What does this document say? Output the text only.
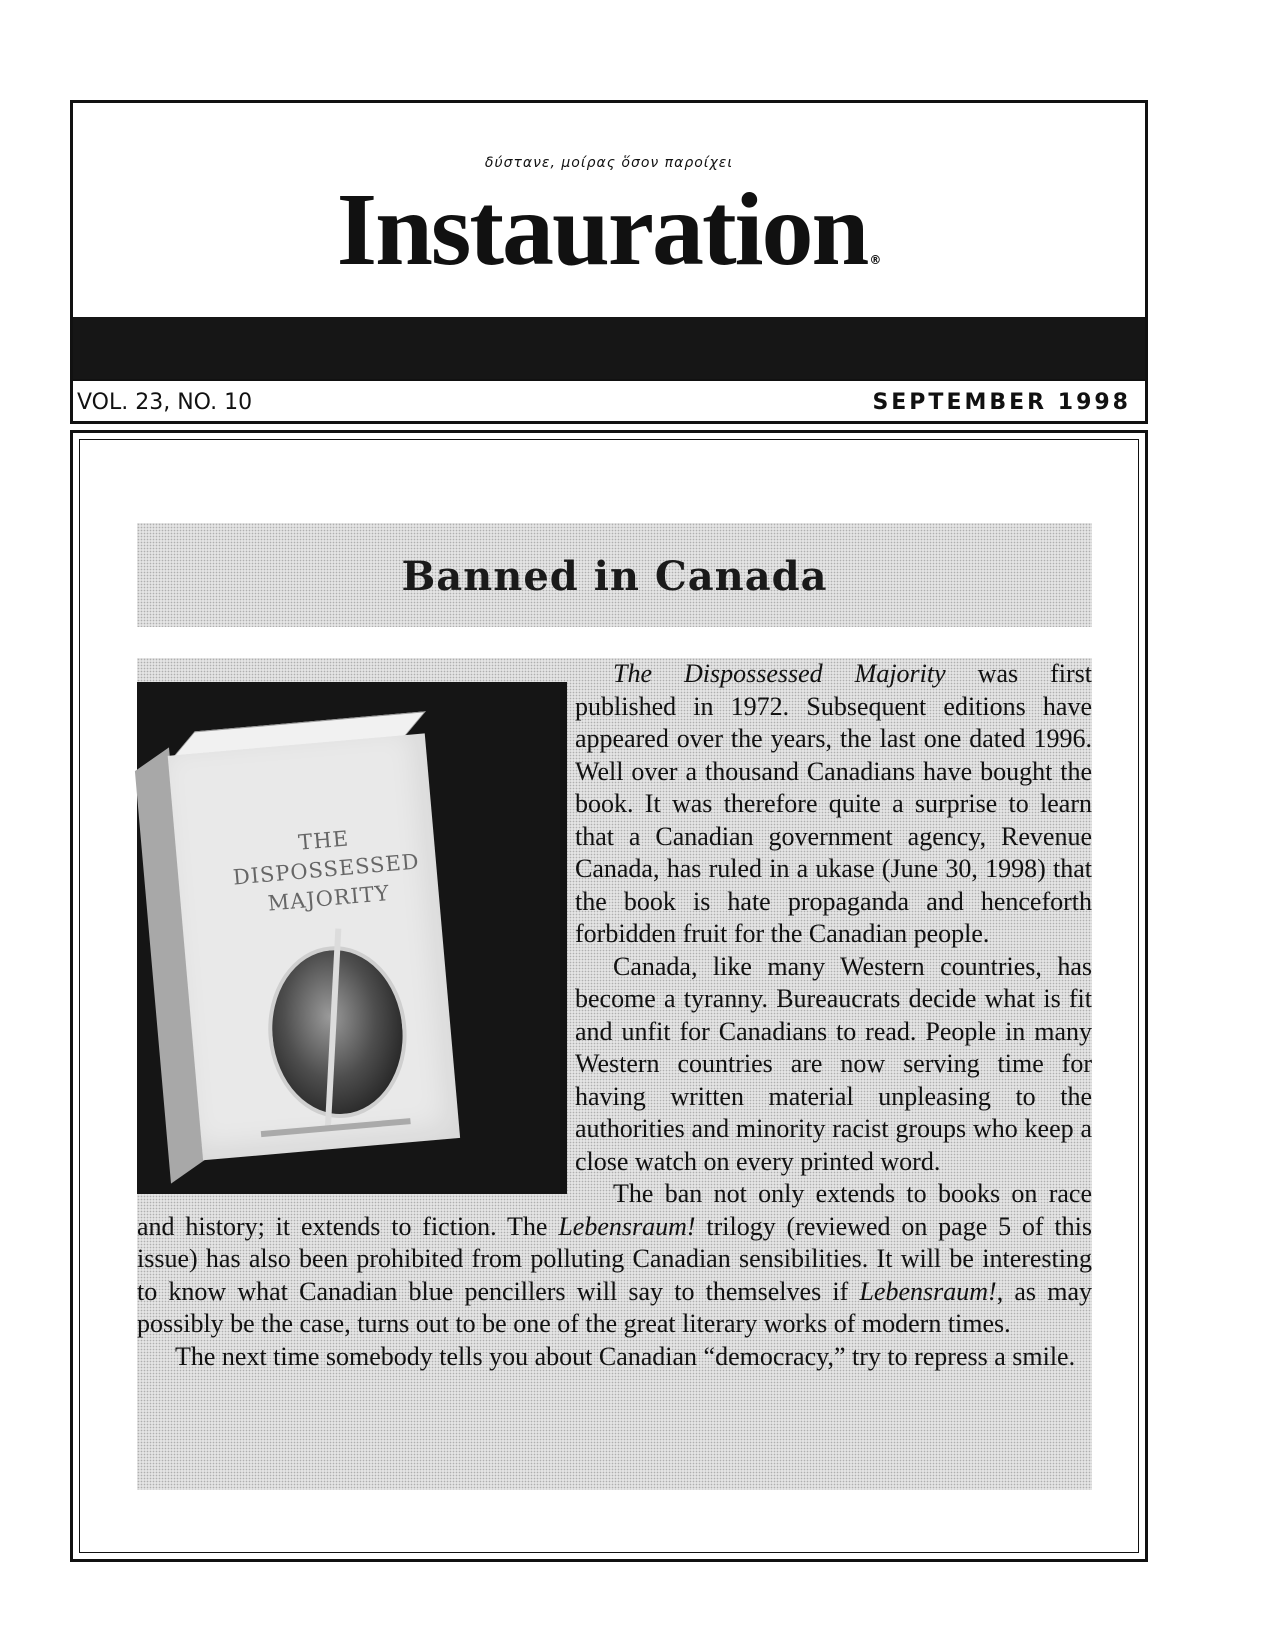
δύστανε, μοίρας ὅσον παροίχει
Instauration ®
VOL. 23, NO. 10	SEPTEMBER 1998
Banned in Canada

The Dispossessed Majority
THE
DISPOSSESSED
MAJORITY
was first published in 1972. Subsequent editions have appeared over the years, the last one dated 1996. Well over a thousand Canadians have bought the book. It was therefore quite a surprise to learn that a Canadian government agency, Revenue Canada, has ruled in a ukase (June 30, 1998) that the book is hate propaganda and henceforth forbidden fruit for the Canadian people.

Canada, like many Western countries, has become a tyranny. Bureaucrats decide what is fit and unfit for Canadians to read. People in many Western countries are now serving time for having written material unpleasing to the authorities and minority racist groups who keep a close watch on every printed word.

The ban not only extends to books on race and history; it extends to fiction. The Lebensraum! trilogy (reviewed on page 5 of this issue) has also been prohibited from polluting Canadian sensibilities. It will be interesting to know what Canadian blue pencillers will say to themselves if Lebensraum!, as may possibly be the case, turns out to be one of the great literary works of modern times.

The next time somebody tells you about Canadian “democracy,” try to repress a smile.
